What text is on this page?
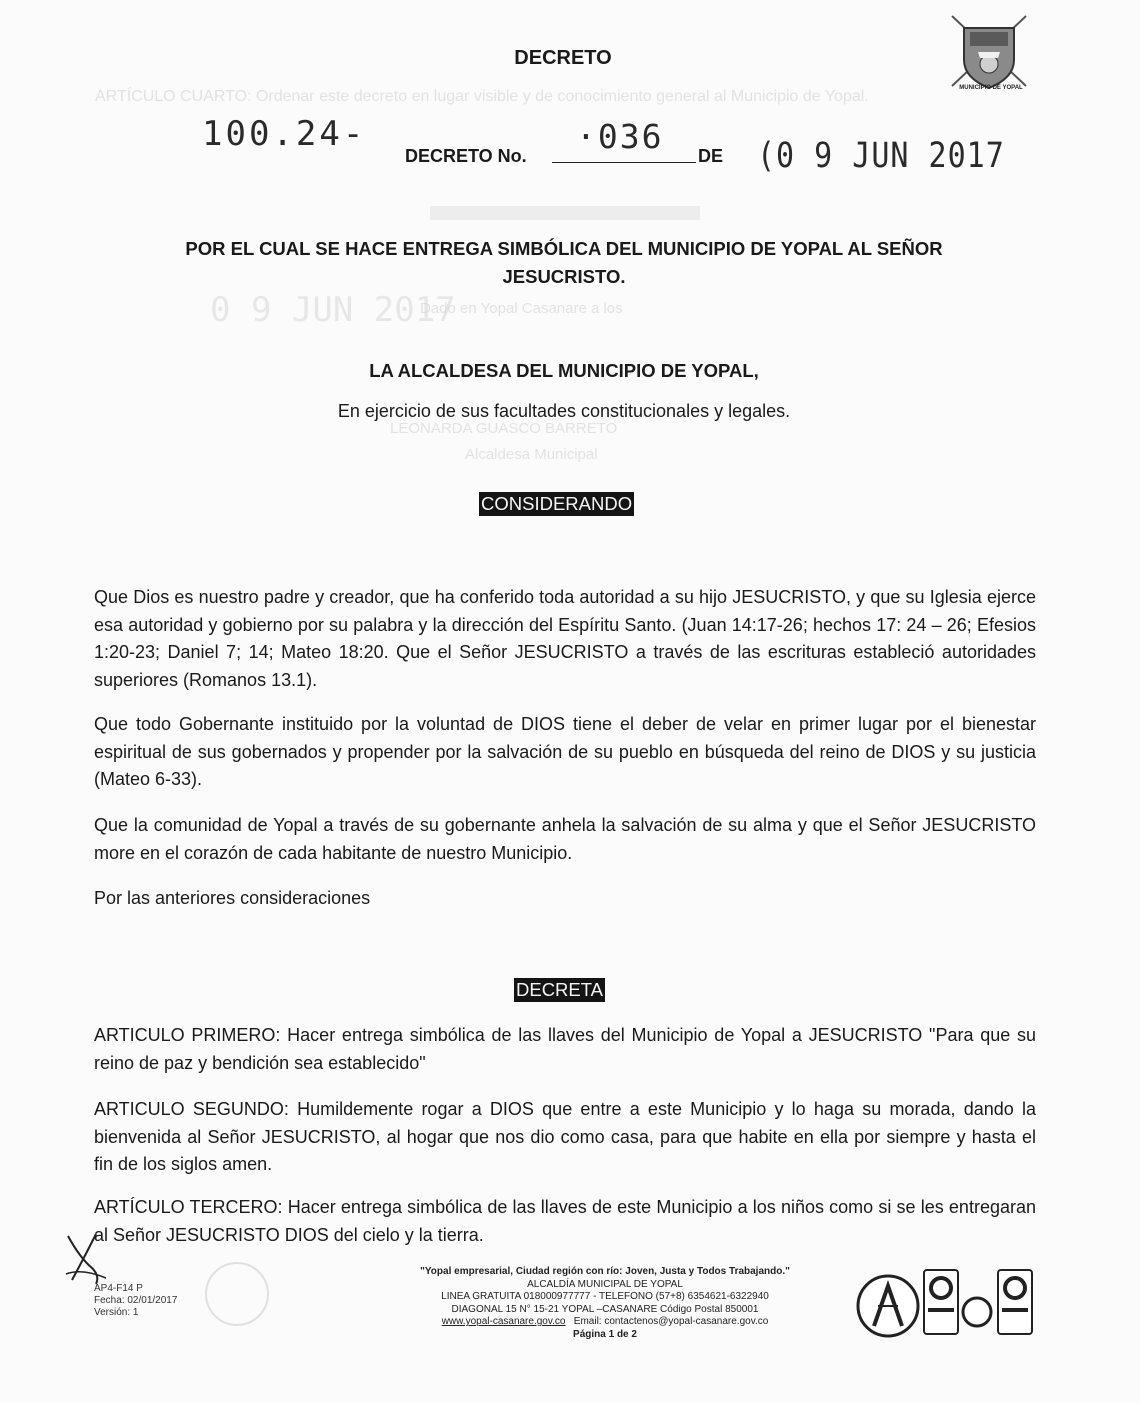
ARTÍCULO CUARTO: Ordenar este decreto en lugar visible y de conocimiento general al Municipio de Yopal.
0 9 JUN 2017
Dado en Yopal Casanare a los
LEONARDA GUASCO BARRETO
Alcaldesa Municipal
MUNICIPIO DE YOPAL
DECRETO
100.24-
DECRETO No. ·036 DE (0 9 JUN 2017
POR EL CUAL SE HACE ENTREGA SIMBÓLICA DEL MUNICIPIO DE YOPAL AL SEÑOR JESUCRISTO.
LA ALCALDESA DEL MUNICIPIO DE YOPAL,
En ejercicio de sus facultades constitucionales y legales.
CONSIDERANDO
Que Dios es nuestro padre y creador, que ha conferido toda autoridad a su hijo JESUCRISTO, y que su Iglesia ejerce esa autoridad y gobierno por su palabra y la dirección del Espíritu Santo. (Juan 14:17-26; hechos 17: 24 – 26; Efesios 1:20-23; Daniel 7; 14; Mateo 18:20. Que el Señor JESUCRISTO a través de las escrituras estableció autoridades superiores (Romanos 13.1).
Que todo Gobernante instituido por la voluntad de DIOS tiene el deber de velar en primer lugar por el bienestar espiritual de sus gobernados y propender por la salvación de su pueblo en búsqueda del reino de DIOS y su justicia (Mateo 6-33).
Que la comunidad de Yopal a través de su gobernante anhela la salvación de su alma y que el Señor JESUCRISTO more en el corazón de cada habitante de nuestro Municipio.
Por las anteriores consideraciones
DECRETA
ARTICULO PRIMERO: Hacer entrega simbólica de las llaves del Municipio de Yopal a JESUCRISTO "Para que su reino de paz y bendición sea establecido"
ARTICULO SEGUNDO: Humildemente rogar a DIOS que entre a este Municipio y lo haga su morada, dando la bienvenida al Señor JESUCRISTO, al hogar que nos dio como casa, para que habite en ella por siempre y hasta el fin de los siglos amen.
ARTÍCULO TERCERO: Hacer entrega simbólica de las llaves de este Municipio a los niños como si se les entregaran al Señor JESUCRISTO DIOS del cielo y la tierra.
AP4-F14 P
Fecha: 02/01/2017
Versión: 1
"Yopal empresarial, Ciudad región con río: Joven, Justa y Todos Trabajando."
ALCALDÍA MUNICIPAL DE YOPAL
LINEA GRATUITA 018000977777 - TELEFONO (57+8) 6354621-6322940
DIAGONAL 15 N° 15-21 YOPAL –CASANARE Código Postal 850001
www.yopal-casanare.gov.co Email: contactenos@yopal-casanare.gov.co
Página 1 de 2
